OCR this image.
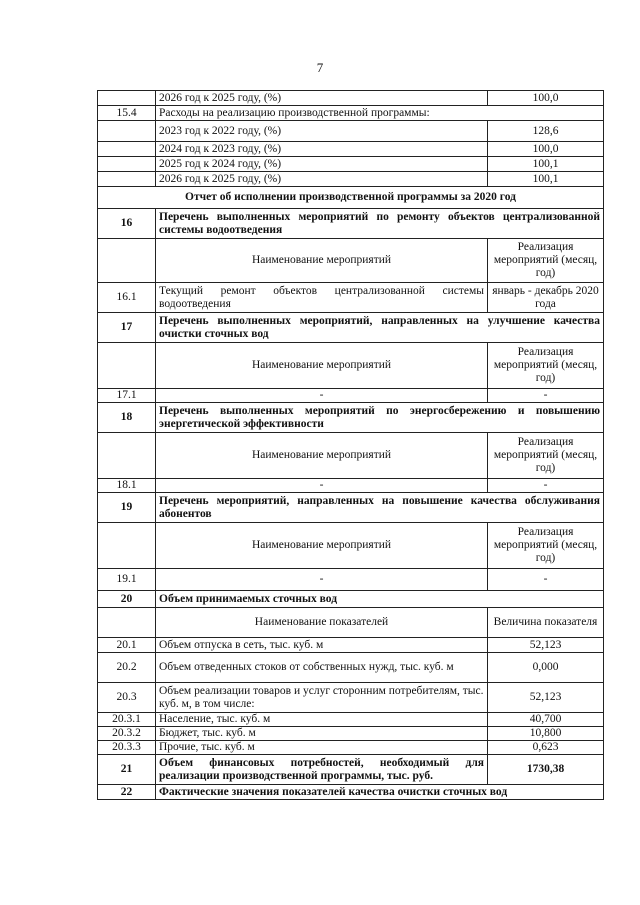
7
	2026 год к 2025 году, (%)	100,0
15.4	Расходы на реализацию производственной программы:	
	2023 год к 2022 году, (%)	128,6
	2024 год к 2023 году, (%)	100,0
	2025 год к 2024 году, (%)	100,1
	2026 год к 2025 году, (%)	100,1
Отчет об исполнении производственной программы за 2020 год		
16	Перечень выполненных мероприятий по ремонту объектов централизованной системы водоотведения	
	Наименование мероприятий	Реализация мероприятий (месяц, год)
16.1	Текущий ремонт объектов централизованной системы водоотведения	январь - декабрь 2020 года
17	Перечень выполненных мероприятий, направленных на улучшение качества очистки сточных вод	
	Наименование мероприятий	Реализация мероприятий (месяц, год)
17.1	-	-
18	Перечень выполненных мероприятий по энергосбережению и повышению энергетической эффективности	
	Наименование мероприятий	Реализация мероприятий (месяц, год)
18.1	-	-
19	Перечень мероприятий, направленных на повышение качества обслуживания абонентов	
	Наименование мероприятий	Реализация мероприятий (месяц, год)
19.1	-	-
20	Объем принимаемых сточных вод	
	Наименование показателей	Величина показателя
20.1	Объем отпуска в сеть, тыс. куб. м	52,123
20.2	Объем отведенных стоков от собственных нужд, тыс. куб. м	0,000
20.3	Объем реализации товаров и услуг сторонним потребителям, тыс. куб. м, в том числе:	52,123
20.3.1	Население, тыс. куб. м	40,700
20.3.2	Бюджет, тыс. куб. м	10,800
20.3.3	Прочие, тыс. куб. м	0,623
21	Объем финансовых потребностей, необходимый для реализации производственной программы, тыс. руб.	1730,38
22	Фактические значения показателей качества очистки сточных вод	
